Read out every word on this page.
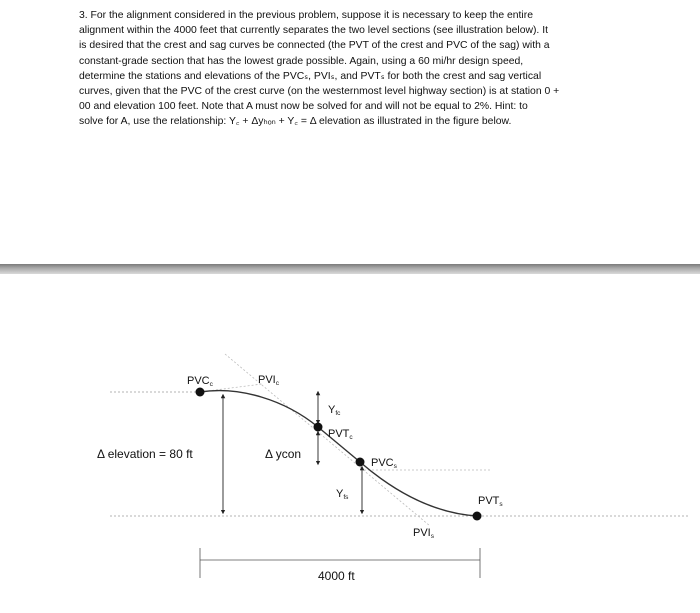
3. For the alignment considered in the previous problem, suppose it is necessary to keep the entire

alignment within the 4000 feet that currently separates the two level sections (see illustration below). It

is desired that the crest and sag curves be connected (the PVT of the crest and PVC of the sag) with a

constant-grade section that has the lowest grade possible. Again, using a 60 mi/hr design speed,

determine the stations and elevations of the PVCₛ, PVIₛ, and PVTₛ for both the crest and sag vertical

curves, given that the PVC of the crest curve (on the westernmost level highway section) is at station 0 +

00 and elevation 100 feet. Note that A must now be solved for and will not be equal to 2%. Hint: to

solve for A, use the relationship: Y꜀ + Δyₕₒₙ + Y꜀ = Δ elevation as illustrated in the figure below.

PVCc	PVIc
Yfc
PVTc
Δ elevation = 80 ft	Δ ycon
PVCs
Yfs	PVTs
PVIs
4000 ft
